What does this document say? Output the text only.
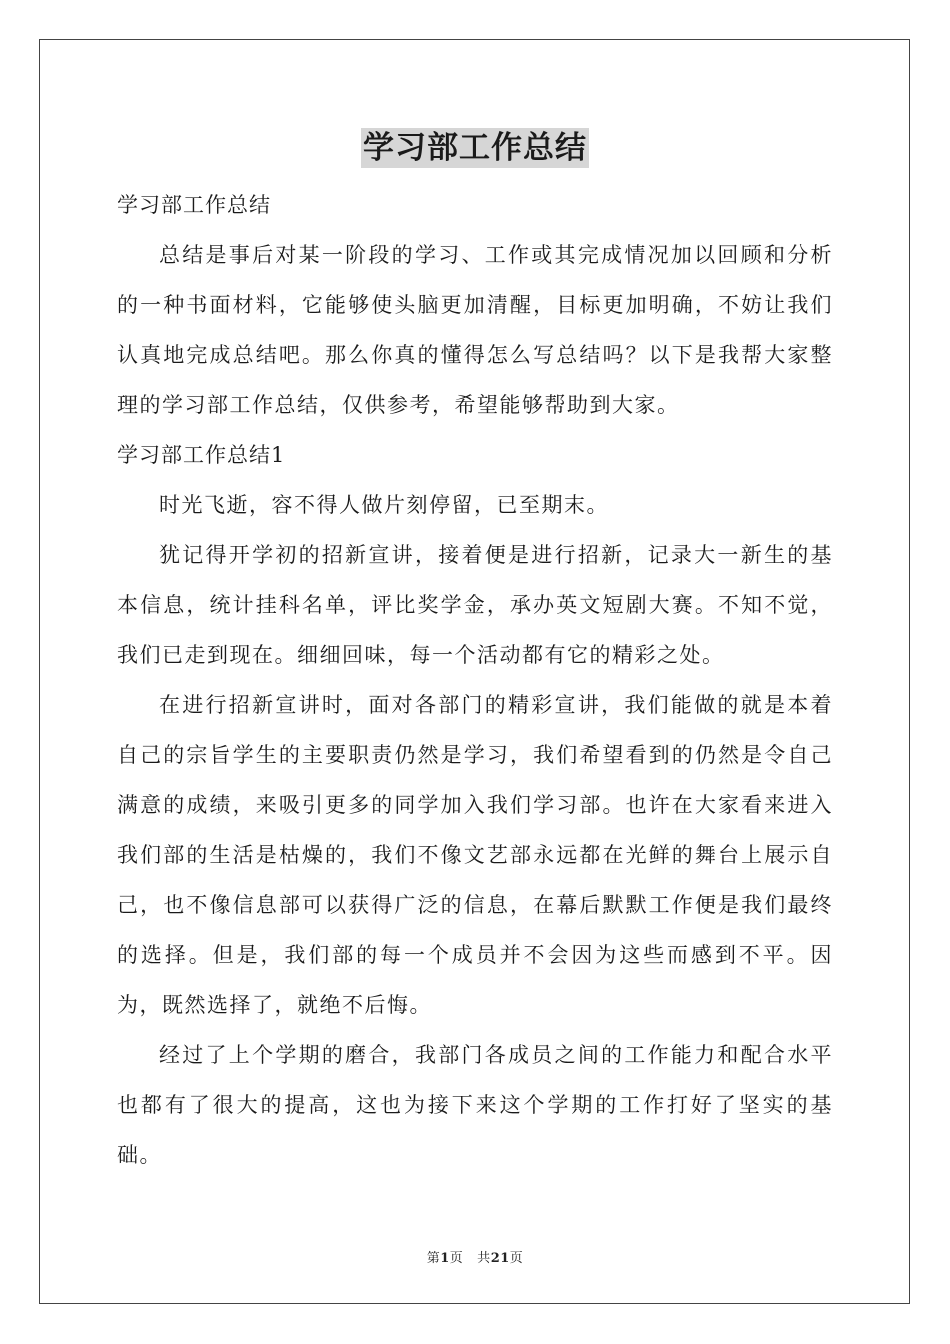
学习部工作总结

学习部工作总结

总结是事后对某一阶段的学习、工作或其完成情况加以回顾和分析的一种书面材料，它能够使头脑更加清醒，目标更加明确，不妨让我们认真地完成总结吧。那么你真的懂得怎么写总结吗？以下是我帮大家整理的学习部工作总结，仅供参考，希望能够帮助到大家。

学习部工作总结1

时光飞逝，容不得人做片刻停留，已至期末。

犹记得开学初的招新宣讲，接着便是进行招新，记录大一新生的基本信息，统计挂科名单，评比奖学金，承办英文短剧大赛。不知不觉，我们已走到现在。细细回味，每一个活动都有它的精彩之处。

在进行招新宣讲时，面对各部门的精彩宣讲，我们能做的就是本着自己的宗旨学生的主要职责仍然是学习，我们希望看到的仍然是令自己满意的成绩，来吸引更多的同学加入我们学习部。也许在大家看来进入我们部的生活是枯燥的，我们不像文艺部永远都在光鲜的舞台上展示自己，也不像信息部可以获得广泛的信息，在幕后默默工作便是我们最终的选择。但是，我们部的每一个成员并不会因为这些而感到不平。因为，既然选择了，就绝不后悔。

经过了上个学期的磨合，我部门各成员之间的工作能力和配合水平也都有了很大的提高，这也为接下来这个学期的工作打好了坚实的基础。

第1页 共21页
